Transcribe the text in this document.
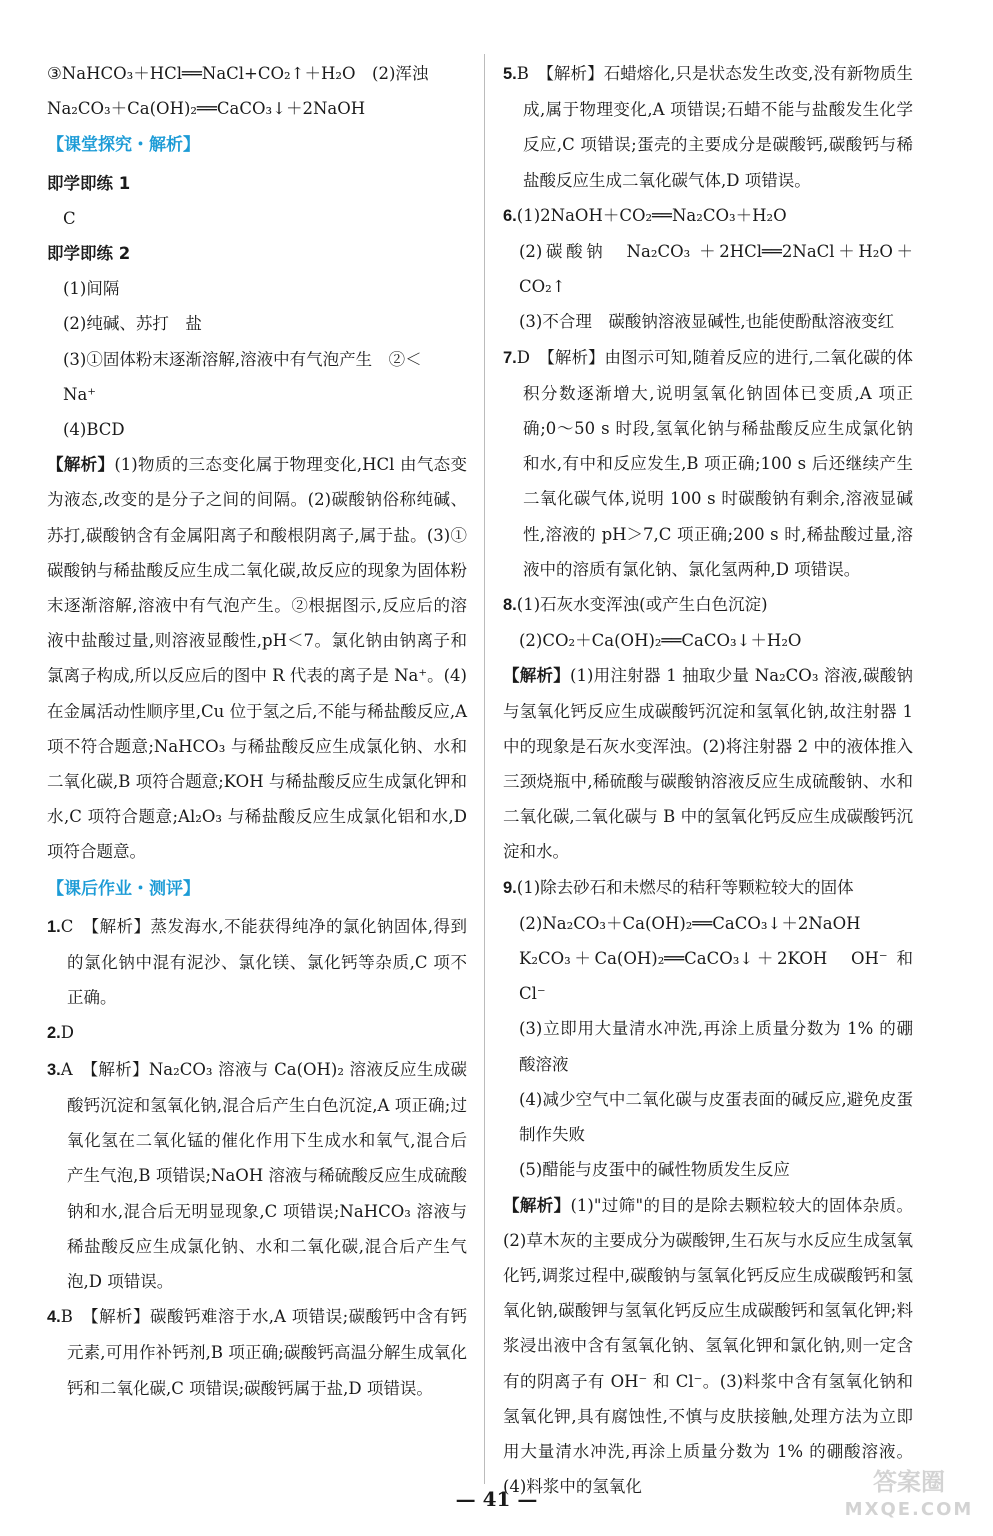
③NaHCO₃＋HCl══NaCl+CO₂↑＋H₂O　(2)浑浊

Na₂CO₃＋Ca(OH)₂══CaCO₃↓＋2NaOH

【课堂探究・解析】

即学即练 1

C

即学即练 2

(1)间隔

(2)纯碱、苏打　盐

(3)①固体粉末逐渐溶解,溶液中有气泡产生　②＜

Na⁺

(4)BCD

【解析】(1)物质的三态变化属于物理变化,HCl 由气态变为液态,改变的是分子之间的间隔。(2)碳酸钠俗称纯碱、苏打,碳酸钠含有金属阳离子和酸根阴离子,属于盐。(3)①碳酸钠与稀盐酸反应生成二氧化碳,故反应的现象为固体粉末逐渐溶解,溶液中有气泡产生。②根据图示,反应后的溶液中盐酸过量,则溶液显酸性,pH＜7。氯化钠由钠离子和氯离子构成,所以反应后的图中 R 代表的离子是 Na⁺。(4)在金属活动性顺序里,Cu 位于氢之后,不能与稀盐酸反应,A 项不符合题意;NaHCO₃ 与稀盐酸反应生成氯化钠、水和二氧化碳,B 项符合题意;KOH 与稀盐酸反应生成氯化钾和水,C 项符合题意;Al₂O₃ 与稀盐酸反应生成氯化铝和水,D 项符合题意。

【课后作业・测评】

1.C　【解析】蒸发海水,不能获得纯净的氯化钠固体,得到的氯化钠中混有泥沙、氯化镁、氯化钙等杂质,C 项不正确。

2.D

3.A　【解析】Na₂CO₃ 溶液与 Ca(OH)₂ 溶液反应生成碳酸钙沉淀和氢氧化钠,混合后产生白色沉淀,A 项正确;过氧化氢在二氧化锰的催化作用下生成水和氧气,混合后产生气泡,B 项错误;NaOH 溶液与稀硫酸反应生成硫酸钠和水,混合后无明显现象,C 项错误;NaHCO₃ 溶液与稀盐酸反应生成氯化钠、水和二氧化碳,混合后产生气泡,D 项错误。

4.B　【解析】碳酸钙难溶于水,A 项错误;碳酸钙中含有钙元素,可用作补钙剂,B 项正确;碳酸钙高温分解生成氧化钙和二氧化碳,C 项错误;碳酸钙属于盐,D 项错误。

5.B　【解析】石蜡熔化,只是状态发生改变,没有新物质生成,属于物理变化,A 项错误;石蜡不能与盐酸发生化学反应,C 项错误;蛋壳的主要成分是碳酸钙,碳酸钙与稀盐酸反应生成二氧化碳气体,D 项错误。

6.(1)2NaOH＋CO₂══Na₂CO₃＋H₂O

(2)碳酸钠　Na₂CO₃ ＋2HCl══2NaCl＋H₂O＋CO₂↑

(3)不合理　碳酸钠溶液显碱性,也能使酚酞溶液变红

7.D　【解析】由图示可知,随着反应的进行,二氧化碳的体积分数逐渐增大,说明氢氧化钠固体已变质,A 项正确;0～50 s 时段,氢氧化钠与稀盐酸反应生成氯化钠和水,有中和反应发生,B 项正确;100 s 后还继续产生二氧化碳气体,说明 100 s 时碳酸钠有剩余,溶液显碱性,溶液的 pH＞7,C 项正确;200 s 时,稀盐酸过量,溶液中的溶质有氯化钠、氯化氢两种,D 项错误。

8.(1)石灰水变浑浊(或产生白色沉淀)

(2)CO₂＋Ca(OH)₂══CaCO₃↓＋H₂O

【解析】(1)用注射器 1 抽取少量 Na₂CO₃ 溶液,碳酸钠与氢氧化钙反应生成碳酸钙沉淀和氢氧化钠,故注射器 1 中的现象是石灰水变浑浊。(2)将注射器 2 中的液体推入三颈烧瓶中,稀硫酸与碳酸钠溶液反应生成硫酸钠、水和二氧化碳,二氧化碳与 B 中的氢氧化钙反应生成碳酸钙沉淀和水。

9.(1)除去砂石和未燃尽的秸秆等颗粒较大的固体

(2)Na₂CO₃＋Ca(OH)₂══CaCO₃↓＋2NaOH

K₂CO₃＋Ca(OH)₂══CaCO₃↓＋2KOH　OH⁻ 和 Cl⁻

(3)立即用大量清水冲洗,再涂上质量分数为 1% 的硼酸溶液

(4)减少空气中二氧化碳与皮蛋表面的碱反应,避免皮蛋制作失败

(5)醋能与皮蛋中的碱性物质发生反应

【解析】(1)"过筛"的目的是除去颗粒较大的固体杂质。(2)草木灰的主要成分为碳酸钾,生石灰与水反应生成氢氧化钙,调浆过程中,碳酸钠与氢氧化钙反应生成碳酸钙和氢氧化钠,碳酸钾与氢氧化钙反应生成碳酸钙和氢氧化钾;料浆浸出液中含有氢氧化钠、氢氧化钾和氯化钠,则一定含有的阴离子有 OH⁻ 和 Cl⁻。(3)料浆中含有氢氧化钠和氢氧化钾,具有腐蚀性,不慎与皮肤接触,处理方法为立即用大量清水冲洗,再涂上质量分数为 1% 的硼酸溶液。(4)料浆中的氢氧化

— 41 —
答案圈
MXQE.COM
